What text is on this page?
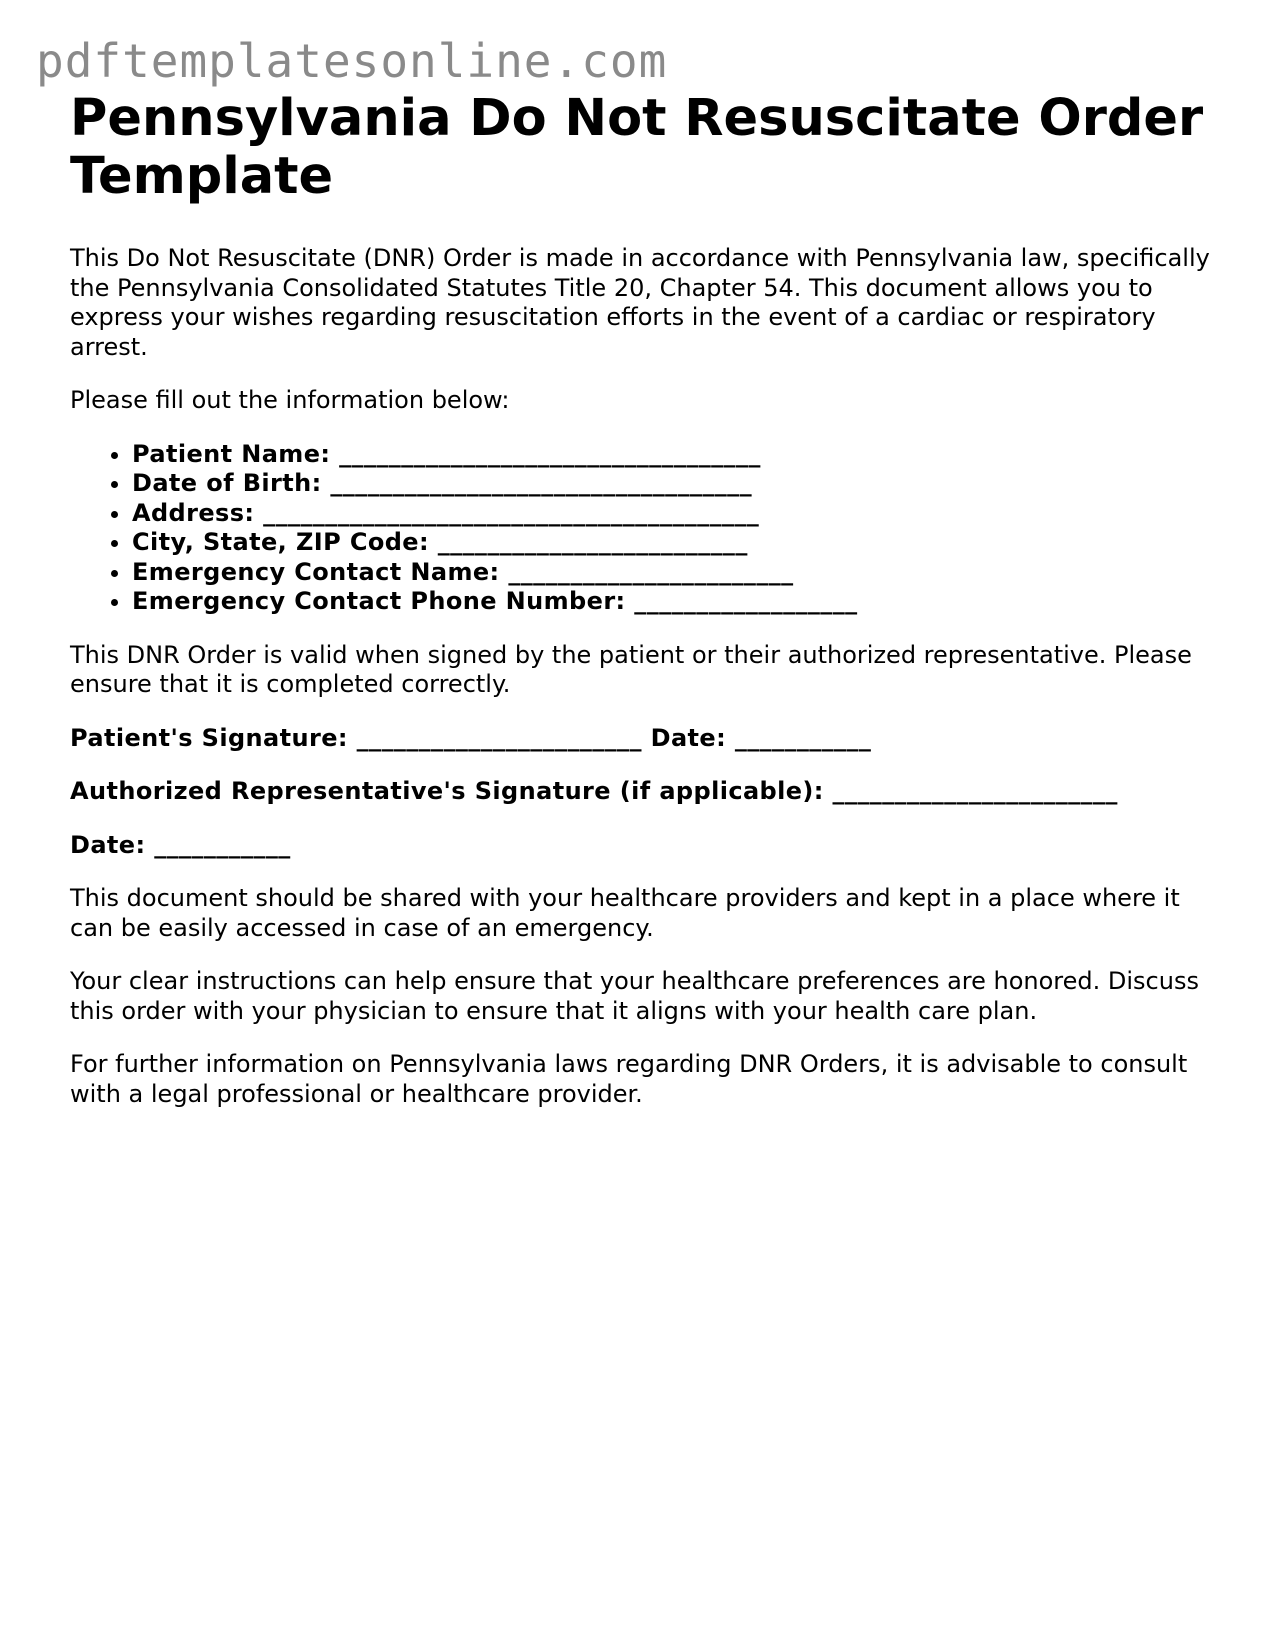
pdftemplatesonline.com
Pennsylvania Do Not Resuscitate Order Template

This Do Not Resuscitate (DNR) Order is made in accordance with Pennsylvania law, specifically the Pennsylvania Consolidated Statutes Title 20, Chapter 54. This document allows you to express your wishes regarding resuscitation efforts in the event of a cardiac or respiratory arrest.

Please fill out the information below:

• Patient Name: __________________________________
• Date of Birth: __________________________________
• Address: ________________________________________
• City, State, ZIP Code: _________________________
• Emergency Contact Name: _______________________
• Emergency Contact Phone Number: __________________

This DNR Order is valid when signed by the patient or their authorized representative. Please ensure that it is completed correctly.

Patient's Signature: _______________________ Date: ___________

Authorized Representative's Signature (if applicable): _______________________

Date: ___________

This document should be shared with your healthcare providers and kept in a place where it can be easily accessed in case of an emergency.

Your clear instructions can help ensure that your healthcare preferences are honored. Discuss this order with your physician to ensure that it aligns with your health care plan.

For further information on Pennsylvania laws regarding DNR Orders, it is advisable to consult with a legal professional or healthcare provider.
